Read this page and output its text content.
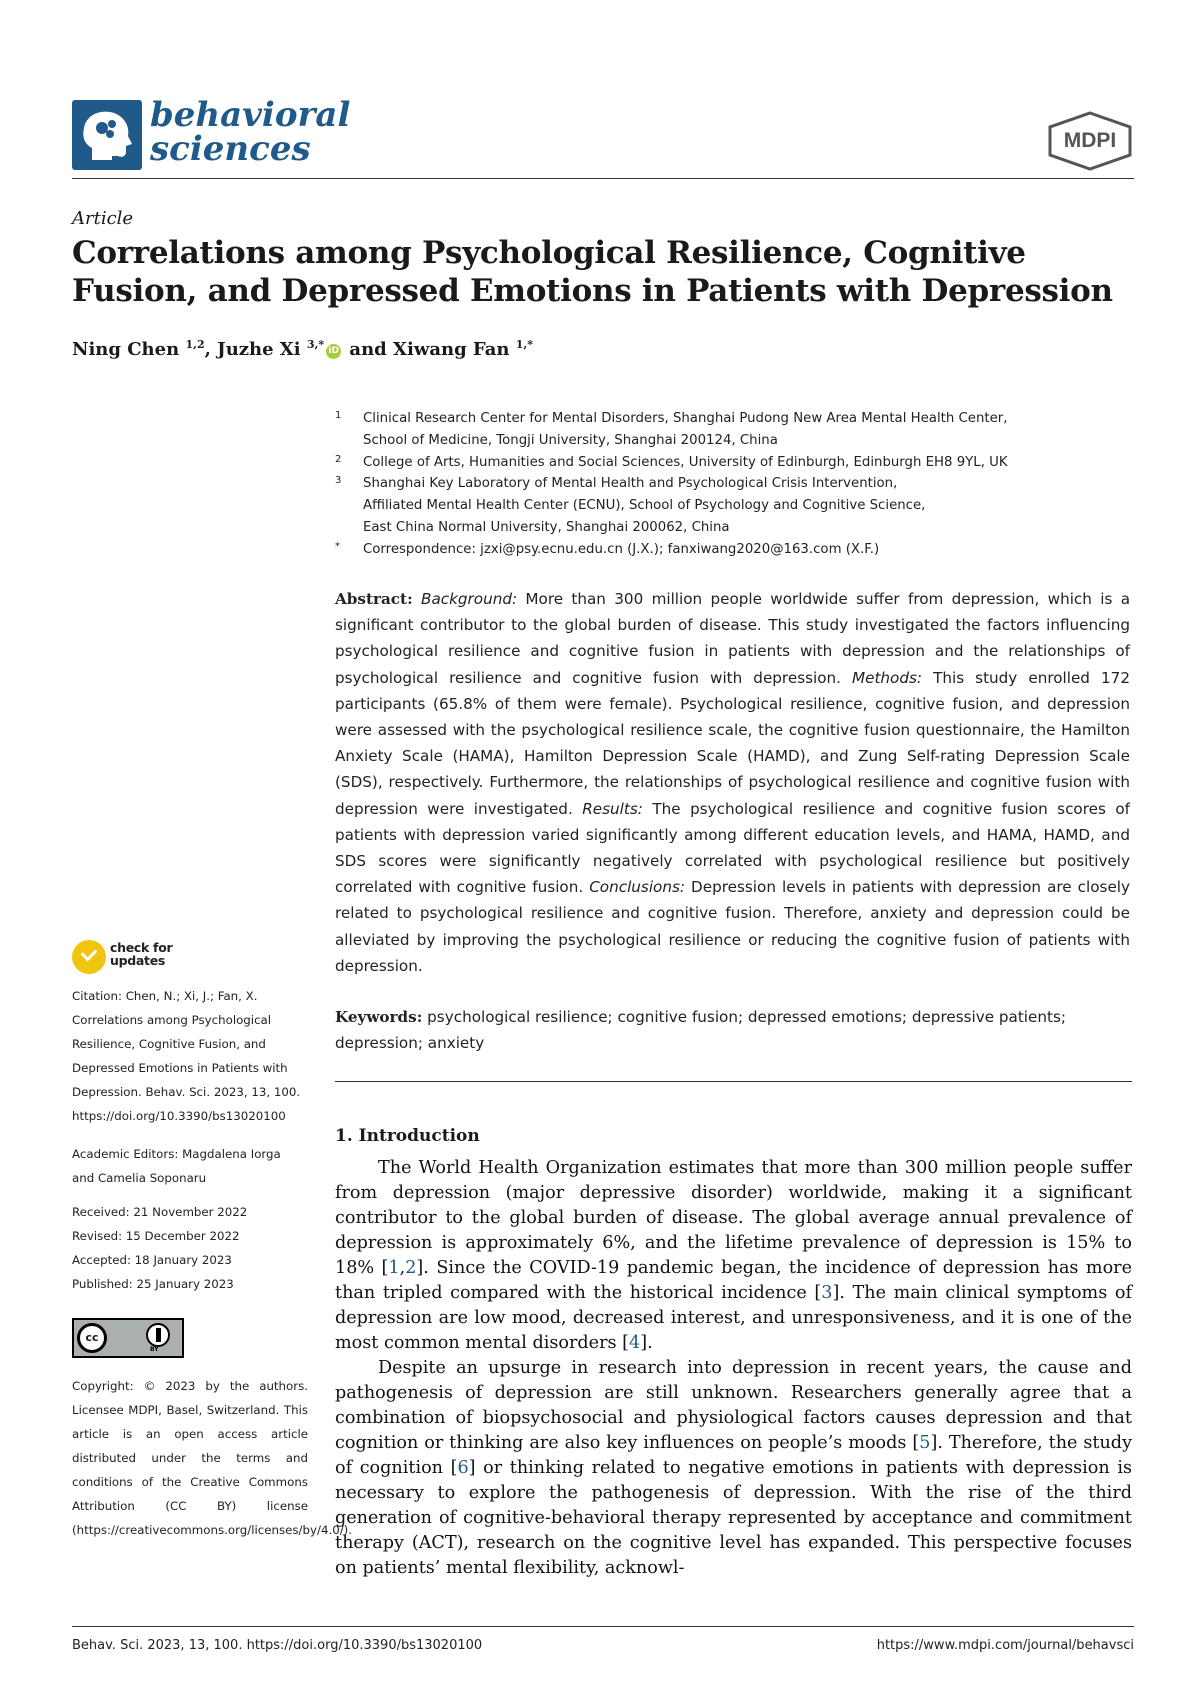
behavioral
sciences	MDPI
Article
Correlations among Psychological Resilience, Cognitive Fusion, and Depressed Emotions in Patients with Depression
Ning Chen $^{1,2}$, Juzhe Xi $^{3,*}$ iD and Xiwang Fan $^{1,*}$
1 Clinical Research Center for Mental Disorders, Shanghai Pudong New Area Mental Health Center,
School of Medicine, Tongji University, Shanghai 200124, China
2 College of Arts, Humanities and Social Sciences, University of Edinburgh, Edinburgh EH8 9YL, UK
3 Shanghai Key Laboratory of Mental Health and Psychological Crisis Intervention,
Affiliated Mental Health Center (ECNU), School of Psychology and Cognitive Science,
East China Normal University, Shanghai 200062, China
* Correspondence: jzxi@psy.ecnu.edu.cn (J.X.); fanxiwang2020@163.com (X.F.)
Abstract: Background: More than 300 million people worldwide suffer from depression, which is a significant contributor to the global burden of disease. This study investigated the factors influencing psychological resilience and cognitive fusion in patients with depression and the relationships of psychological resilience and cognitive fusion with depression. Methods: This study enrolled 172 participants (65.8% of them were female). Psychological resilience, cognitive fusion, and depression were assessed with the psychological resilience scale, the cognitive fusion questionnaire, the Hamilton Anxiety Scale (HAMA), Hamilton Depression Scale (HAMD), and Zung Self-rating Depression Scale (SDS), respectively. Furthermore, the relationships of psychological resilience and cognitive fusion with depression were investigated. Results: The psychological resilience and cognitive fusion scores of patients with depression varied significantly among different education levels, and HAMA, HAMD, and SDS scores were significantly negatively correlated with psychological resilience but positively correlated with cognitive fusion. Conclusions: Depression levels in patients with depression are closely related to psychological resilience and cognitive fusion. Therefore, anxiety and depression could be alleviated by improving the psychological resilience or reducing the cognitive fusion of patients with depression.
Keywords: psychological resilience; cognitive fusion; depressed emotions; depressive patients; depression; anxiety
1. Introduction

The World Health Organization estimates that more than 300 million people suffer from depression (major depressive disorder) worldwide, making it a significant contributor to the global burden of disease. The global average annual prevalence of depression is approximately 6%, and the lifetime prevalence of depression is 15% to 18% [1,2]. Since the COVID-19 pandemic began, the incidence of depression has more than tripled compared with the historical incidence [3]. The main clinical symptoms of depression are low mood, decreased interest, and unresponsiveness, and it is one of the most common mental disorders [4].

Despite an upsurge in research into depression in recent years, the cause and pathogenesis of depression are still unknown. Researchers generally agree that a combination of biopsychosocial and physiological factors causes depression and that cognition or thinking are also key influences on people’s moods [5]. Therefore, the study of cognition [6] or thinking related to negative emotions in patients with depression is necessary to explore the pathogenesis of depression. With the rise of the third generation of cognitive-behavioral therapy represented by acceptance and commitment therapy (ACT), research on the cognitive level has expanded. This perspective focuses on patients’ mental flexibility, acknowl-

check for
updates
Citation: Chen, N.; Xi, J.; Fan, X.
Correlations among Psychological
Resilience, Cognitive Fusion, and
Depressed Emotions in Patients with
Depression. Behav. Sci. 2023, 13, 100.
https://doi.org/10.3390/bs13020100
Academic Editors: Magdalena Iorga
and Camelia Soponaru
Received: 21 November 2022
Revised: 15 December 2022
Accepted: 18 January 2023
Published: 25 January 2023
cc
BY
Copyright: © 2023 by the authors. Licensee MDPI, Basel, Switzerland. This article is an open access article distributed under the terms and conditions of the Creative Commons Attribution (CC BY) license (https://creativecommons.org/licenses/by/4.0/).
Behav. Sci. 2023, 13, 100. https://doi.org/10.3390/bs13020100	https://www.mdpi.com/journal/behavsci
